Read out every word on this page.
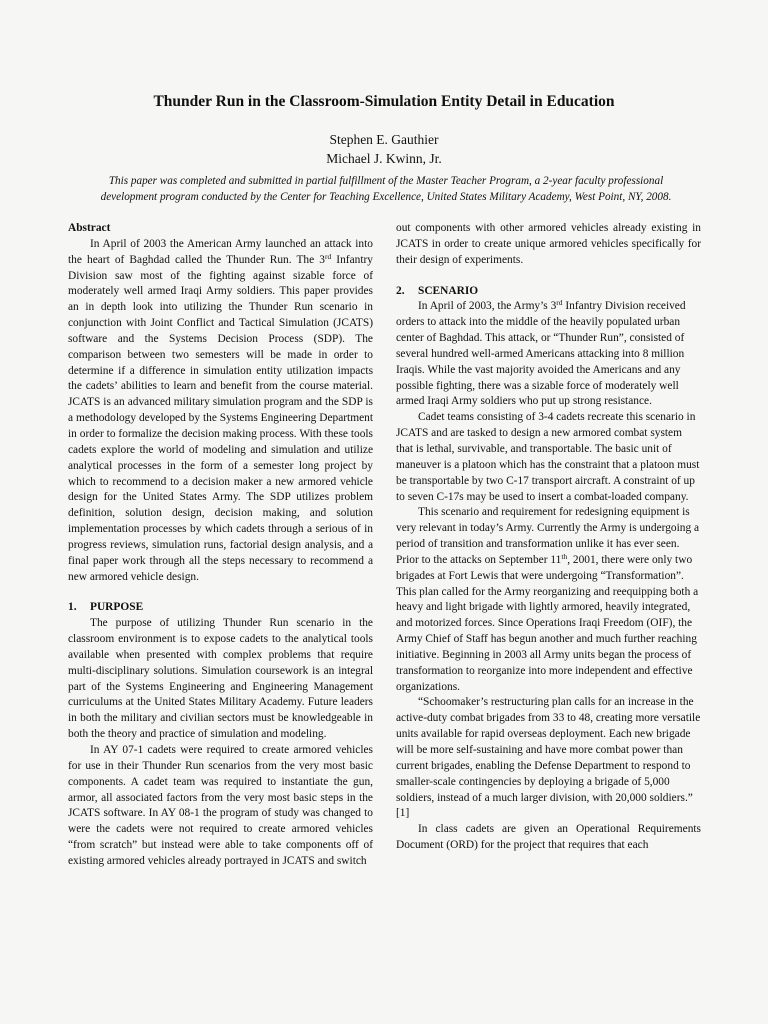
Thunder Run in the Classroom-Simulation Entity Detail in Education
Stephen E. Gauthier
Michael J. Kwinn, Jr.
This paper was completed and submitted in partial fulfillment of the Master Teacher Program, a 2-year faculty professional
development program conducted by the Center for Teaching Excellence, United States Military Academy, West Point, NY, 2008.
Abstract

In April of 2003 the American Army launched an attack into the heart of Baghdad called the Thunder Run. The 3rd Infantry Division saw most of the fighting against sizable force of moderately well armed Iraqi Army soldiers. This paper provides an in depth look into utilizing the Thunder Run scenario in conjunction with Joint Conflict and Tactical Simulation (JCATS) software and the Systems Decision Process (SDP). The comparison between two semesters will be made in order to determine if a difference in simulation entity utilization impacts the cadets’ abilities to learn and benefit from the course material. JCATS is an advanced military simulation program and the SDP is a methodology developed by the Systems Engineering Department in order to formalize the decision making process. With these tools cadets explore the world of modeling and simulation and utilize analytical processes in the form of a semester long project by which to recommend to a decision maker a new armored vehicle design for the United States Army. The SDP utilizes problem definition, solution design, decision making, and solution implementation processes by which cadets through a serious of in progress reviews, simulation runs, factorial design analysis, and a final paper work through all the steps necessary to recommend a new armored vehicle design.

1. PURPOSE

The purpose of utilizing Thunder Run scenario in the classroom environment is to expose cadets to the analytical tools available when presented with complex problems that require multi-disciplinary solutions. Simulation coursework is an integral part of the Systems Engineering and Engineering Management curriculums at the United States Military Academy. Future leaders in both the military and civilian sectors must be knowledgeable in both the theory and practice of simulation and modeling.

In AY 07-1 cadets were required to create armored vehicles for use in their Thunder Run scenarios from the very most basic components. A cadet team was required to instantiate the gun, armor, all associated factors from the very most basic steps in the JCATS software. In AY 08-1 the program of study was changed to were the cadets were not required to create armored vehicles “from scratch” but instead were able to take components off of existing armored vehicles already portrayed in JCATS and switch

out components with other armored vehicles already existing in JCATS in order to create unique armored vehicles specifically for their design of experiments.

2. SCENARIO

In April of 2003, the Army’s 3rd Infantry Division received orders to attack into the middle of the heavily populated urban center of Baghdad. This attack, or “Thunder Run”, consisted of several hundred well-armed Americans attacking into 8 million Iraqis. While the vast majority avoided the Americans and any possible fighting, there was a sizable force of moderately well armed Iraqi Army soldiers who put up strong resistance.

Cadet teams consisting of 3-4 cadets recreate this scenario in JCATS and are tasked to design a new armored combat system that is lethal, survivable, and transportable. The basic unit of maneuver is a platoon which has the constraint that a platoon must be transportable by two C-17 transport aircraft. A constraint of up to seven C-17s may be used to insert a combat-loaded company.

This scenario and requirement for redesigning equipment is very relevant in today’s Army. Currently the Army is undergoing a period of transition and transformation unlike it has ever seen. Prior to the attacks on September 11th, 2001, there were only two brigades at Fort Lewis that were undergoing “Transformation”. This plan called for the Army reorganizing and reequipping both a heavy and light brigade with lightly armored, heavily integrated, and motorized forces. Since Operations Iraqi Freedom (OIF), the Army Chief of Staff has begun another and much further reaching initiative. Beginning in 2003 all Army units began the process of transformation to reorganize into more independent and effective organizations.

“Schoomaker’s restructuring plan calls for an increase in the active-duty combat brigades from 33 to 48, creating more versatile units available for rapid overseas deployment. Each new brigade will be more self-sustaining and have more combat power than current brigades, enabling the Defense Department to respond to smaller-scale contingencies by deploying a brigade of 5,000 soldiers, instead of a much larger division, with 20,000 soldiers.” [1]

In class cadets are given an Operational Requirements Document (ORD) for the project that requires that each
